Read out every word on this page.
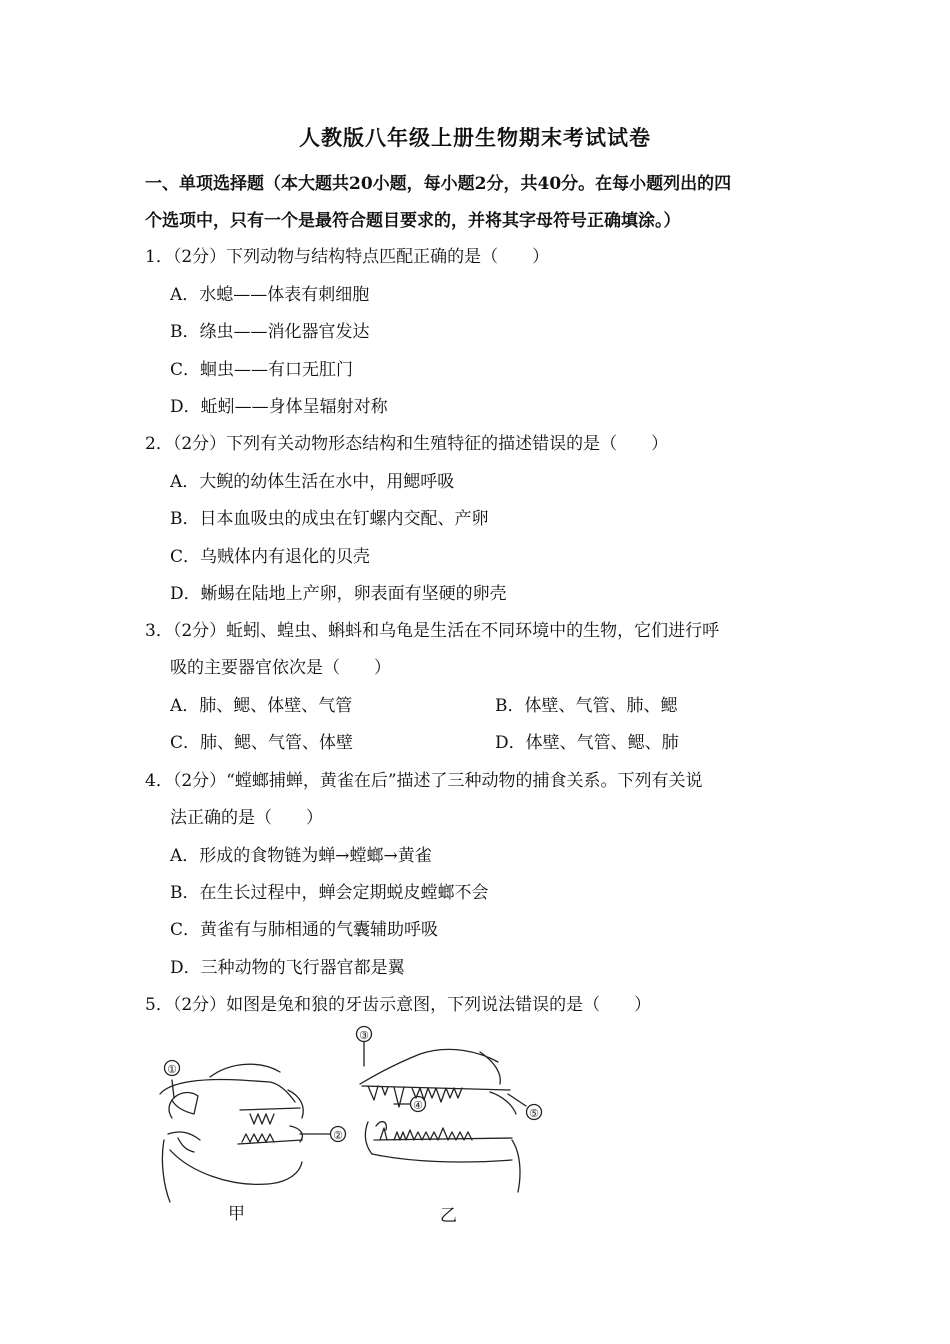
人教版八年级上册生物期末考试试卷
一、单项选择题（本大题共20小题，每小题2分，共40分。在每小题列出的四
个选项中，只有一个是最符合题目要求的，并将其字母符号正确填涂。）
1．（2分）下列动物与结构特点匹配正确的是（　　）
A．水螅——体表有刺细胞
B．绦虫——消化器官发达
C．蛔虫——有口无肛门
D．蚯蚓——身体呈辐射对称
2．（2分）下列有关动物形态结构和生殖特征的描述错误的是（　　）
A．大鲵的幼体生活在水中，用鳃呼吸
B．日本血吸虫的成虫在钉螺内交配、产卵
C．乌贼体内有退化的贝壳
D．蜥蜴在陆地上产卵，卵表面有坚硬的卵壳
3．（2分）蚯蚓、蝗虫、蝌蚪和乌龟是生活在不同环境中的生物，它们进行呼
吸的主要器官依次是（　　）
A．肺、鳃、体壁、气管	B．体壁、气管、肺、鳃
C．肺、鳃、气管、体壁	D．体壁、气管、鳃、肺
4．（2分）“螳螂捕蝉，黄雀在后”描述了三种动物的捕食关系。下列有关说
法正确的是（　　）
A．形成的食物链为蝉→螳螂→黄雀
B．在生长过程中，蝉会定期蜕皮螳螂不会
C．黄雀有与肺相通的气囊辅助呼吸
D．三种动物的飞行器官都是翼
5．（2分）如图是兔和狼的牙齿示意图，下列说法错误的是（　　）
①
②
③
④
⑤
甲	乙
